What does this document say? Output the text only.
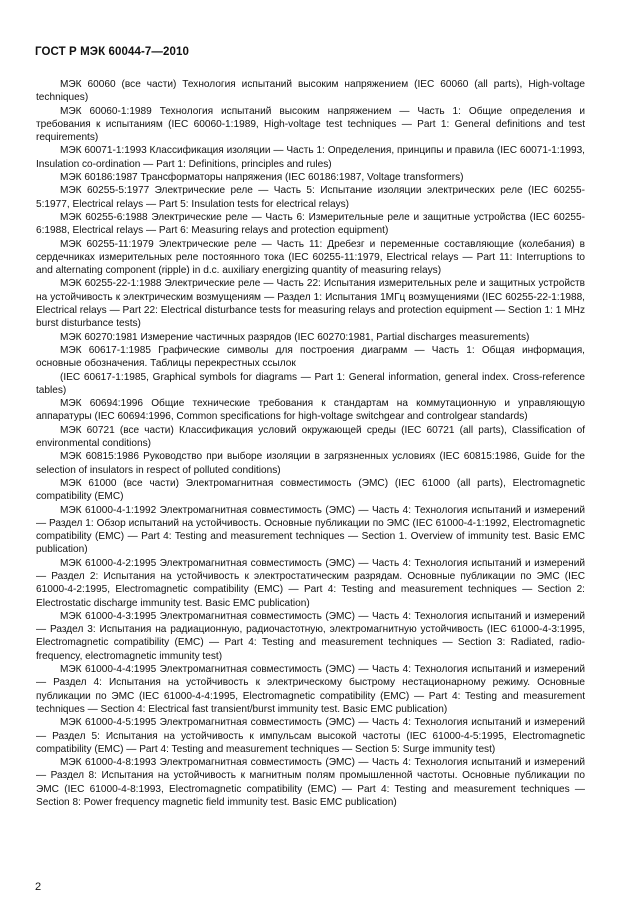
ГОСТ Р МЭК 60044-7—2010

МЭК 60060 (все части) Технология испытаний высоким напряжением (IEC 60060 (all parts), High-voltage techniques)

МЭК 60060-1:1989 Технология испытаний высоким напряжением — Часть 1: Общие определения и требования к испытаниям (IEC 60060-1:1989, High-voltage test techniques — Part 1: General definitions and test requirements)

МЭК 60071-1:1993 Классификация изоляции — Часть 1: Определения, принципы и правила (IEC 60071-1:1993, Insulation co-ordination — Part 1: Definitions, principles and rules)

МЭК 60186:1987 Трансформаторы напряжения (IEC 60186:1987, Voltage transformers)

МЭК 60255-5:1977 Электрические реле — Часть 5: Испытание изоляции электрических реле (IEC 60255-5:1977, Electrical relays — Part 5: Insulation tests for electrical relays)

МЭК 60255-6:1988 Электрические реле — Часть 6: Измерительные реле и защитные устройства (IEC 60255-6:1988, Electrical relays — Part 6: Measuring relays and protection equipment)

МЭК 60255-11:1979 Электрические реле — Часть 11: Дребезг и переменные составляющие (колебания) в сердечниках измерительных реле постоянного тока (IEC 60255-11:1979, Electrical relays — Part 11: Interruptions to and alternating component (ripple) in d.c. auxiliary energizing quantity of measuring relays)

МЭК 60255-22-1:1988 Электрические реле — Часть 22: Испытания измерительных реле и защитных устройств на устойчивость к электрическим возмущениям — Раздел 1: Испытания 1МГц возмущениями (IEC 60255-22-1:1988, Electrical relays — Part 22: Electrical disturbance tests for measuring relays and protection equipment — Section 1: 1 MHz burst disturbance tests)

МЭК 60270:1981 Измерение частичных разрядов (IEC 60270:1981, Partial discharges measurements)

МЭК 60617-1:1985 Графические символы для построения диаграмм — Часть 1: Общая информация, основные обозначения. Таблицы перекрестных ссылок

(IEC 60617-1:1985, Graphical symbols for diagrams — Part 1: General information, general index. Cross-reference tables)

МЭК 60694:1996 Общие технические требования к стандартам на коммутационную и управляющую аппаратуры (IEC 60694:1996, Common specifications for high-voltage switchgear and controlgear standards)

МЭК 60721 (все части) Классификация условий окружающей среды (IEC 60721 (all parts), Classification of environmental conditions)

МЭК 60815:1986 Руководство при выборе изоляции в загрязненных условиях (IEC 60815:1986, Guide for the selection of insulators in respect of polluted conditions)

МЭК 61000 (все части) Электромагнитная совместимость (ЭМС) (IEC 61000 (all parts), Electromagnetic compatibility (EMC)

МЭК 61000-4-1:1992 Электромагнитная совместимость (ЭМС) — Часть 4: Технология испытаний и измерений — Раздел 1: Обзор испытаний на устойчивость. Основные публикации по ЭМС (IEC 61000-4-1:1992, Electromagnetic compatibility (EMC) — Part 4: Testing and measurement techniques — Section 1. Overview of immunity test. Basic EMC publication)

МЭК 61000-4-2:1995 Электромагнитная совместимость (ЭМС) — Часть 4: Технология испытаний и измерений — Раздел 2: Испытания на устойчивость к электростатическим разрядам. Основные публикации по ЭМС (IEC 61000-4-2:1995, Electromagnetic compatibility (EMC) — Part 4: Testing and measurement techniques — Section 2: Electrostatic discharge immunity test. Basic EMC publication)

МЭК 61000-4-3:1995 Электромагнитная совместимость (ЭМС) — Часть 4: Технология испытаний и измерений — Раздел 3: Испытания на радиационную, радиочастотную, электромагнитную устойчивость (IEC 61000-4-3:1995, Electromagnetic compatibility (EMC) — Part 4: Testing and measurement techniques — Section 3: Radiated, radio-frequency, electromagnetic immunity test)

МЭК 61000-4-4:1995 Электромагнитная совместимость (ЭМС) — Часть 4: Технология испытаний и измерений — Раздел 4: Испытания на устойчивость к электрическому быстрому нестационарному режиму. Основные публикации по ЭМС (IEC 61000-4-4:1995, Electromagnetic compatibility (EMC) — Part 4: Testing and measurement techniques — Section 4: Electrical fast transient/burst immunity test. Basic EMC publication)

МЭК 61000-4-5:1995 Электромагнитная совместимость (ЭМС) — Часть 4: Технология испытаний и измерений — Раздел 5: Испытания на устойчивость к импульсам высокой частоты (IEC 61000-4-5:1995, Electromagnetic compatibility (EMC) — Part 4: Testing and measurement techniques — Section 5: Surge immunity test)

МЭК 61000-4-8:1993 Электромагнитная совместимость (ЭМС) — Часть 4: Технология испытаний и измерений — Раздел 8: Испытания на устойчивость к магнитным полям промышленной частоты. Основные публикации по ЭМС (IEC 61000-4-8:1993, Electromagnetic compatibility (EMC) — Part 4: Testing and measurement techniques — Section 8: Power frequency magnetic field immunity test. Basic EMC publication)

2
